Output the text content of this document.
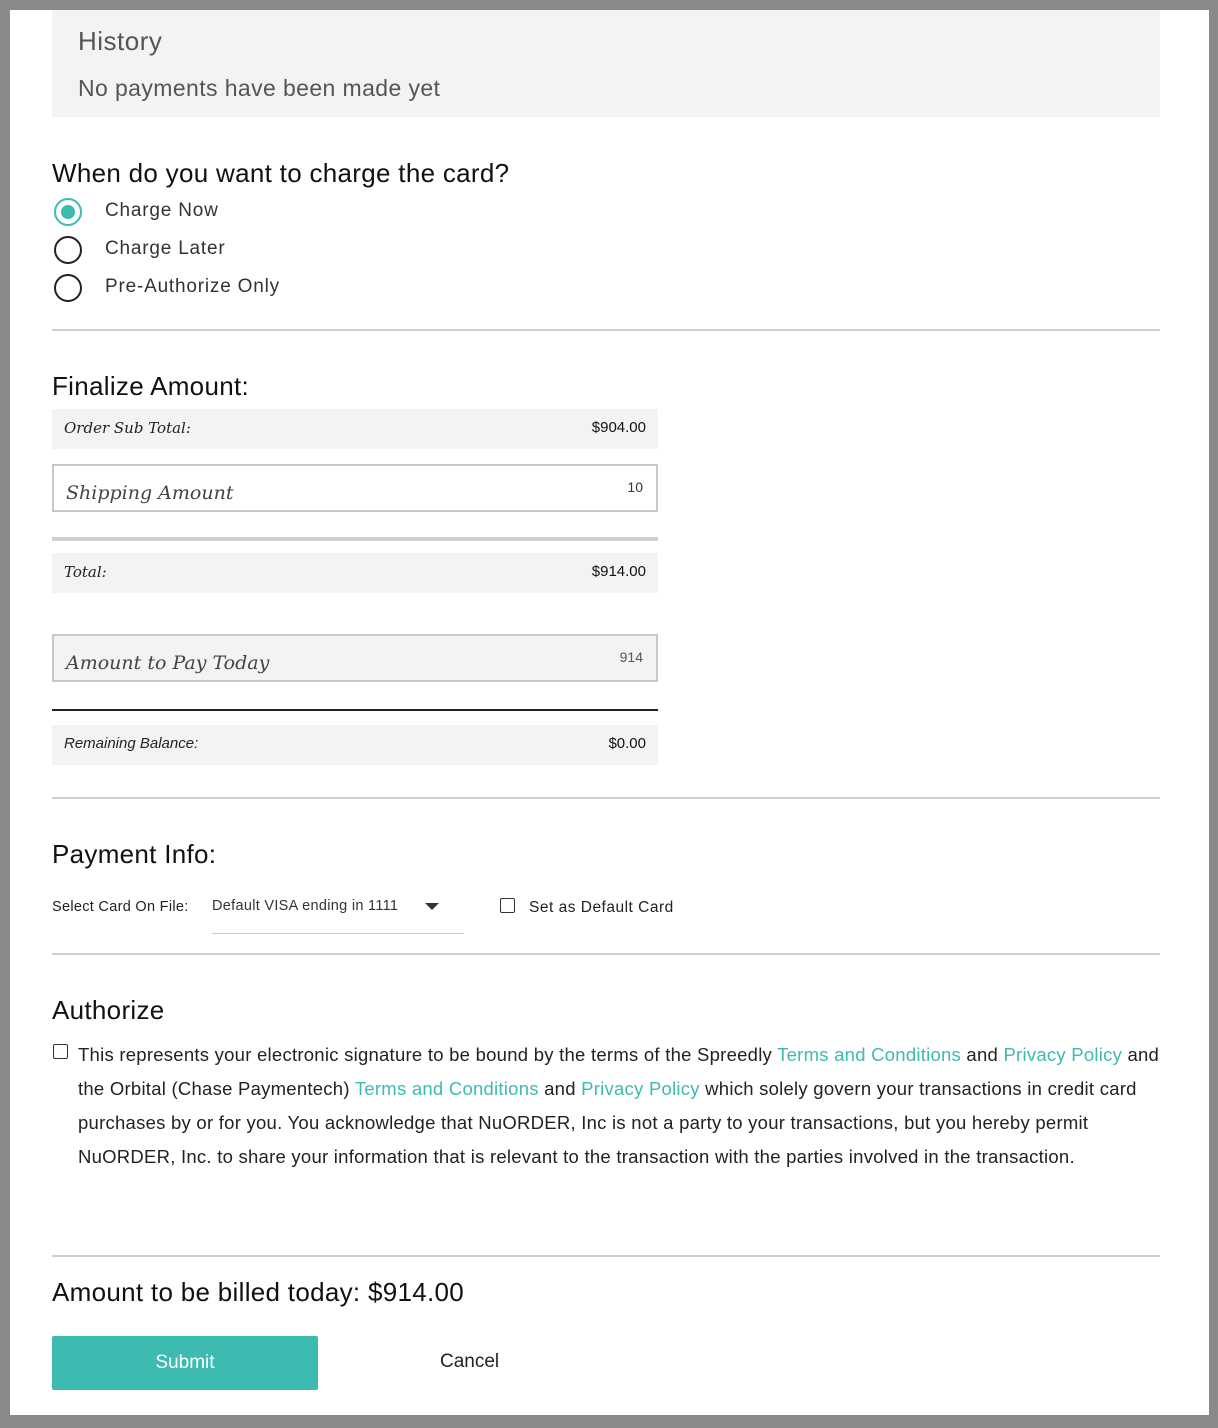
History
No payments have been made yet
When do you want to charge the card?
Charge Now
Charge Later
Pre-Authorize Only
Finalize Amount:
Order Sub Total:	$904.00
Shipping Amount	10
Total:	$914.00
Amount to Pay Today	914
Remaining Balance:	$0.00
Payment Info:
Select Card On File: Default VISA ending in 1111	Set as Default Card
Authorize
This represents your electronic signature to be bound by the terms of the Spreedly Terms and Conditions and Privacy Policy and the Orbital (Chase Paymentech) Terms and Conditions and Privacy Policy which solely govern your transactions in credit card purchases by or for you. You acknowledge that NuORDER, Inc is not a party to your transactions, but you hereby permit NuORDER, Inc. to share your information that is relevant to the transaction with the parties involved in the transaction.
Amount to be billed today: $914.00
Submit	Cancel
